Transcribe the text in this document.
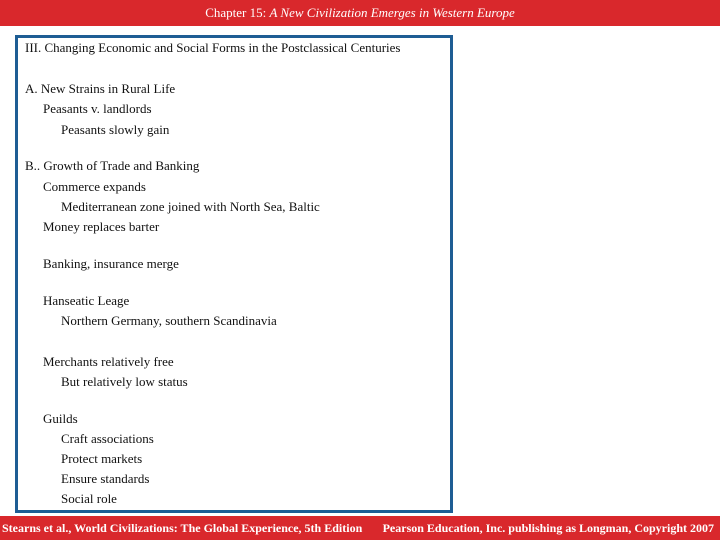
Chapter 15: A New Civilization Emerges in Western Europe
III. Changing Economic and Social Forms in the Postclassical Centuries
A. New Strains in Rural Life
Peasants v. landlords
Peasants slowly gain
B.. Growth of Trade and Banking
Commerce expands
Mediterranean zone joined with North Sea, Baltic
Money replaces barter
Banking, insurance merge
Hanseatic Leage
Northern Germany, southern Scandinavia
Merchants relatively free
But relatively low status
Guilds
Craft associations
Protect markets
Ensure standards
Social role
Stearns et al., World Civilizations: The Global Experience, 5th Edition Pearson Education, Inc. publishing as Longman, Copyright 2007
